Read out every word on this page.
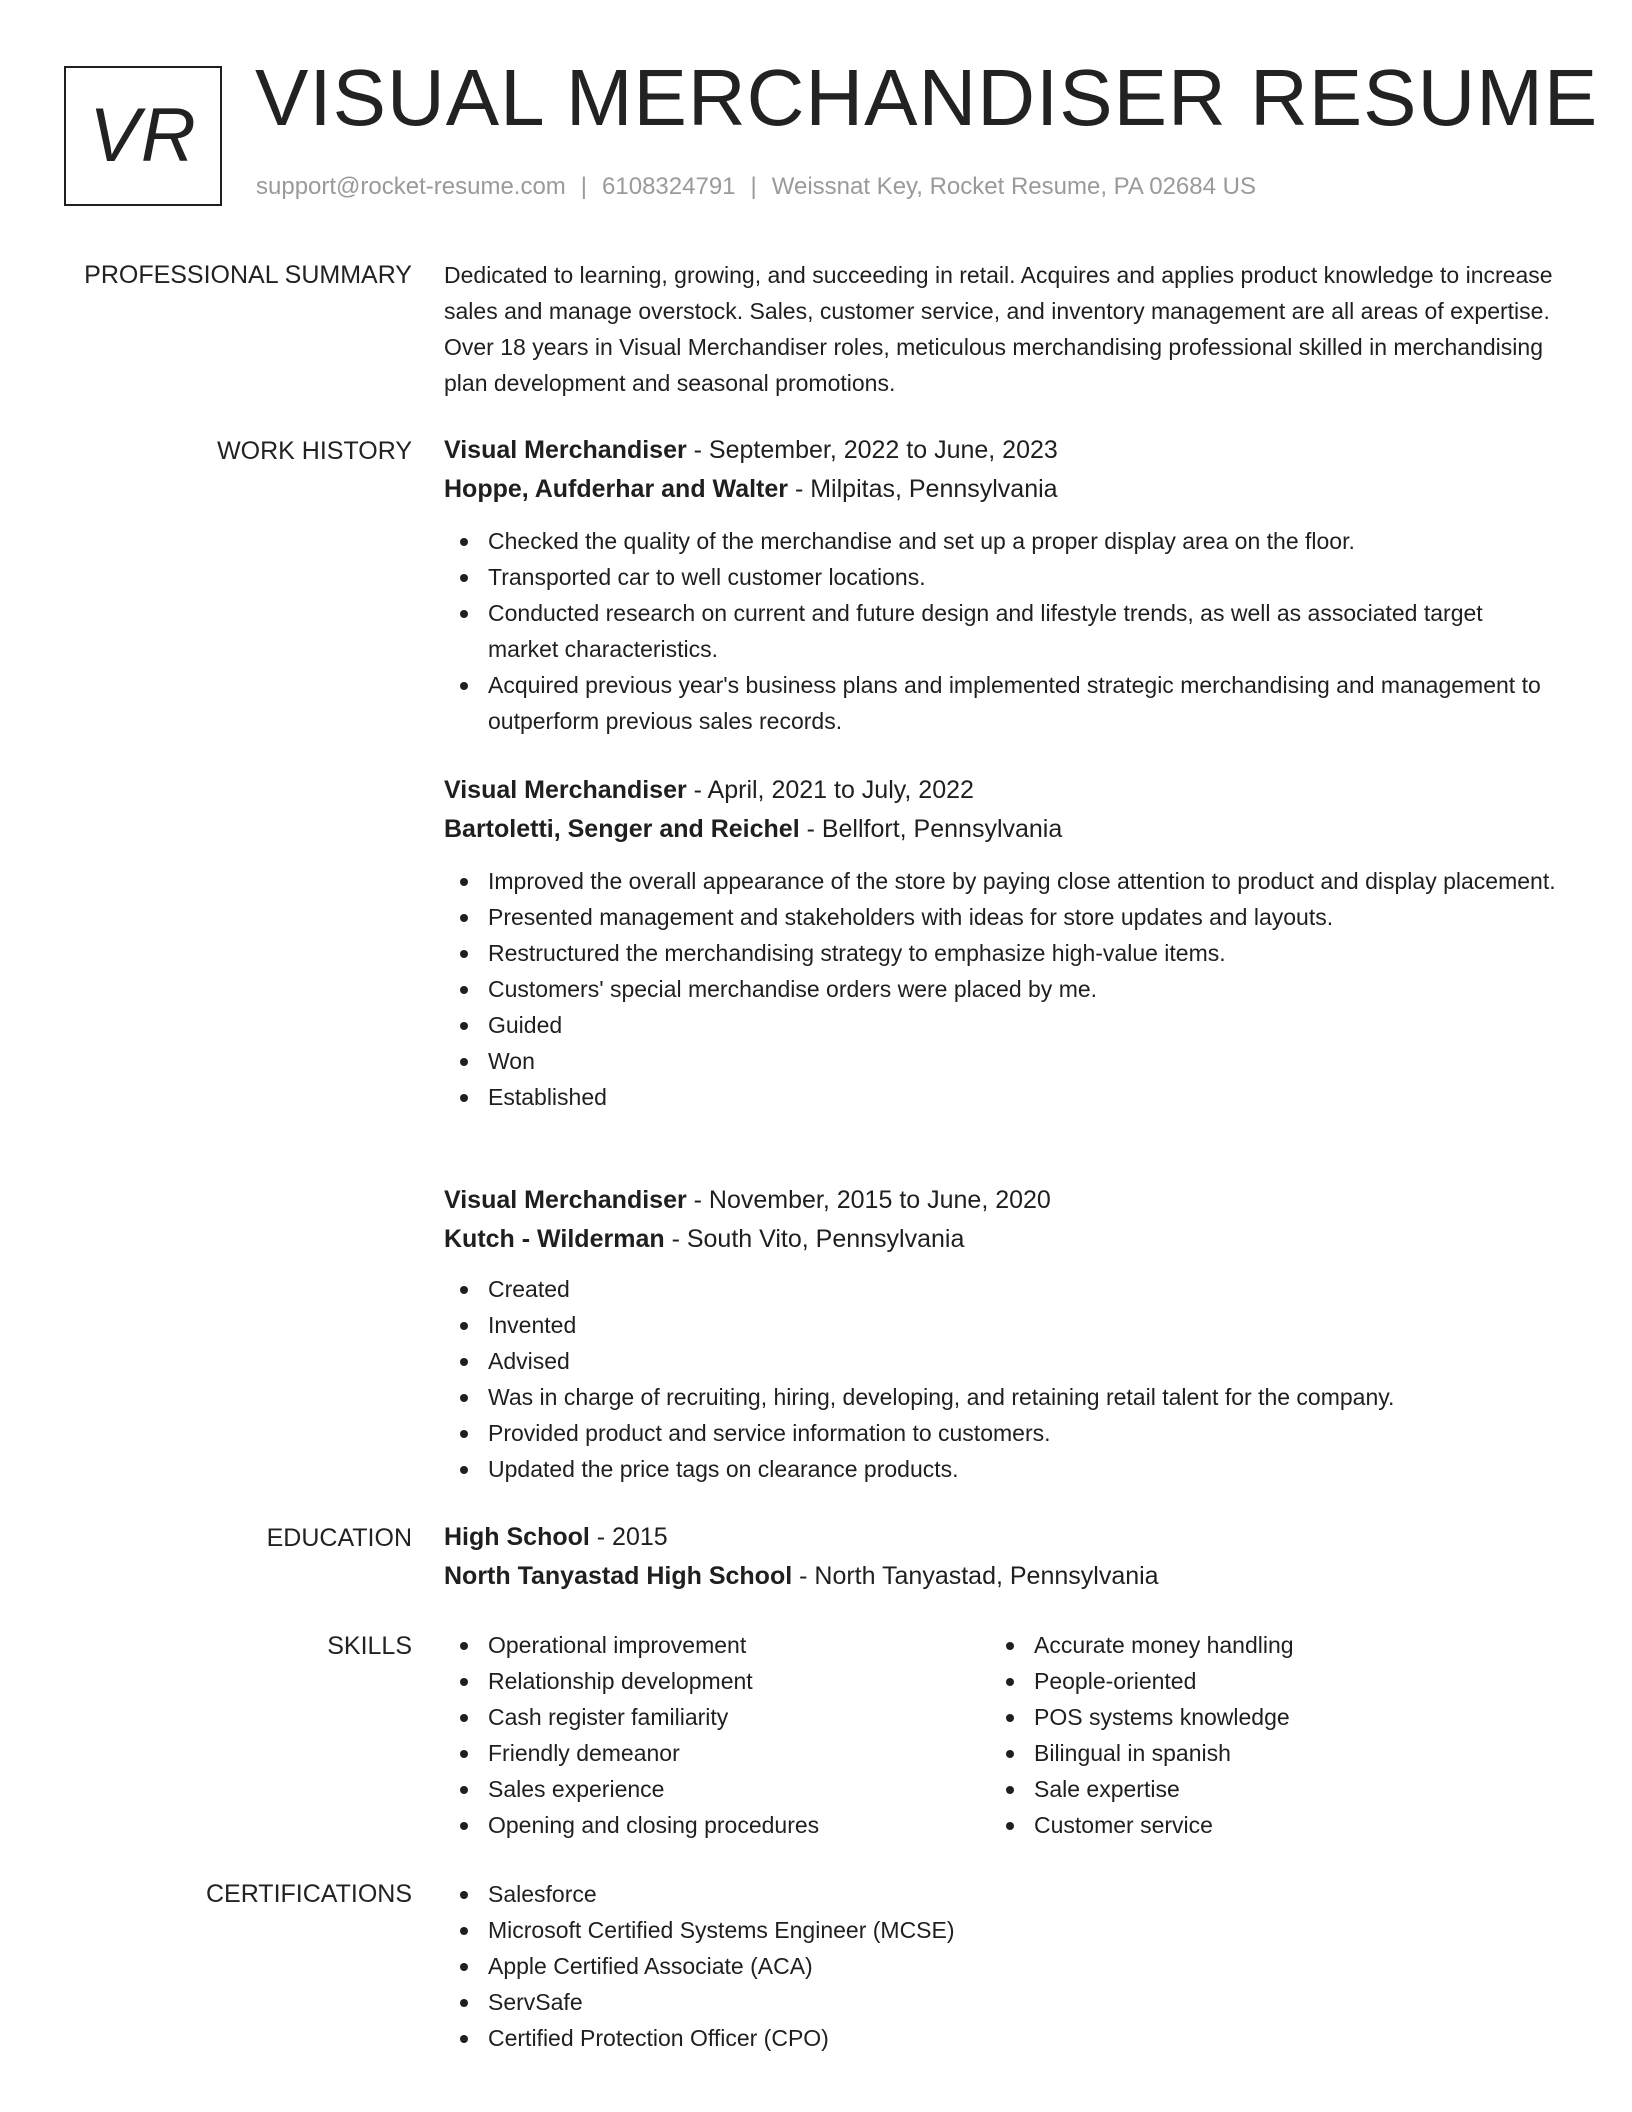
VR VISUAL MERCHANDISER RESUME
support@rocket-resume.com | 6108324791 | Weissnat Key, Rocket Resume, PA 02684 US
PROFESSIONAL SUMMARY Dedicated to learning, growing, and succeeding in retail. Acquires and applies product knowledge to increase sales and manage overstock. Sales, customer service, and inventory management are all areas of expertise. Over 18 years in Visual Merchandiser roles, meticulous merchandising professional skilled in merchandising plan development and seasonal promotions.

WORK HISTORY Visual Merchandiser - September, 2022 to June, 2023
Hoppe, Aufderhar and Walter - Milpitas, Pennsylvania
Checked the quality of the merchandise and set up a proper display area on the floor.
Transported car to well customer locations.
Conducted research on current and future design and lifestyle trends, as well as associated target market characteristics.
Acquired previous year's business plans and implemented strategic merchandising and management to outperform previous sales records.
Visual Merchandiser - April, 2021 to July, 2022
Bartoletti, Senger and Reichel - Bellfort, Pennsylvania
Improved the overall appearance of the store by paying close attention to product and display placement.
Presented management and stakeholders with ideas for store updates and layouts.
Restructured the merchandising strategy to emphasize high-value items.
Customers' special merchandise orders were placed by me.
Guided
Won
Established
Visual Merchandiser - November, 2015 to June, 2020
Kutch - Wilderman - South Vito, Pennsylvania
Created
Invented
Advised
Was in charge of recruiting, hiring, developing, and retaining retail talent for the company.
Provided product and service information to customers.
Updated the price tags on clearance products.
EDUCATION High School - 2015
North Tanyastad High School - North Tanyastad, Pennsylvania
SKILLS	Operational improvement
Relationship development
Cash register familiarity
Friendly demeanor
Sales experience
Opening and closing procedures
Accurate money handling
People-oriented
POS systems knowledge
Bilingual in spanish
Sale expertise
Customer service
CERTIFICATIONS	Salesforce
Microsoft Certified Systems Engineer (MCSE)
Apple Certified Associate (ACA)
ServSafe
Certified Protection Officer (CPO)
